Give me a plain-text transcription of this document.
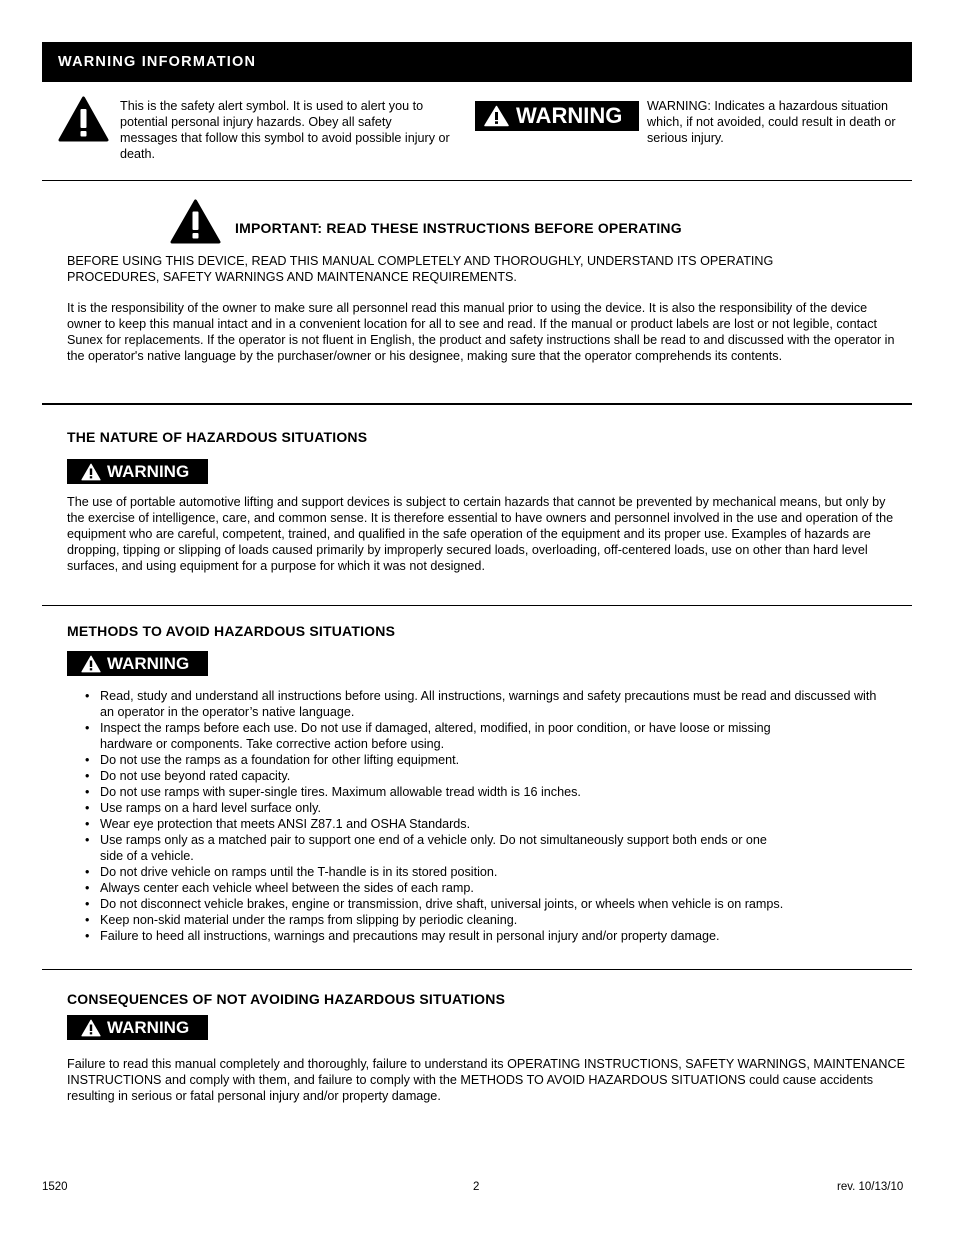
WARNING INFORMATION
This is the safety alert symbol. It is used to alert you to potential personal injury hazards. Obey all safety messages that follow this symbol to avoid possible injury or death.
WARNING WARNING: Indicates a hazardous situation which, if not avoided, could result in death or serious injury.
IMPORTANT: READ THESE INSTRUCTIONS BEFORE OPERATING
BEFORE USING THIS DEVICE, READ THIS MANUAL COMPLETELY AND THOROUGHLY, UNDERSTAND ITS OPERATING PROCEDURES, SAFETY WARNINGS AND MAINTENANCE REQUIREMENTS.
It is the responsibility of the owner to make sure all personnel read this manual prior to using the device. It is also the responsibility of the device owner to keep this manual intact and in a convenient location for all to see and read. If the manual or product labels are lost or not legible, contact Sunex for replacements. If the operator is not fluent in English, the product and safety instructions shall be read to and discussed with the operator in the operator's native language by the purchaser/owner or his designee, making sure that the operator comprehends its contents.
THE NATURE OF HAZARDOUS SITUATIONS
WARNING
The use of portable automotive lifting and support devices is subject to certain hazards that cannot be prevented by mechanical means, but only by the exercise of intelligence, care, and common sense. It is therefore essential to have owners and personnel involved in the use and operation of the equipment who are careful, competent, trained, and qualified in the safe operation of the equipment and its proper use. Examples of hazards are dropping, tipping or slipping of loads caused primarily by improperly secured loads, overloading, off-centered loads, use on other than hard level surfaces, and using equipment for a purpose for which it was not designed.
METHODS TO AVOID HAZARDOUS SITUATIONS
WARNING
• Read, study and understand all instructions before using. All instructions, warnings and safety precautions must be read and discussed with an operator in the operator’s native language.
• Inspect the ramps before each use. Do not use if damaged, altered, modified, in poor condition, or have loose or missing hardware or components. Take corrective action before using.
• Do not use the ramps as a foundation for other lifting equipment.
• Do not use beyond rated capacity.
• Do not use ramps with super-single tires. Maximum allowable tread width is 16 inches.
• Use ramps on a hard level surface only.
• Wear eye protection that meets ANSI Z87.1 and OSHA Standards.
• Use ramps only as a matched pair to support one end of a vehicle only. Do not simultaneously support both ends or one side of a vehicle.
• Do not drive vehicle on ramps until the T-handle is in its stored position.
• Always center each vehicle wheel between the sides of each ramp.
• Do not disconnect vehicle brakes, engine or transmission, drive shaft, universal joints, or wheels when vehicle is on ramps.
• Keep non-skid material under the ramps from slipping by periodic cleaning.
• Failure to heed all instructions, warnings and precautions may result in personal injury and/or property damage.
CONSEQUENCES OF NOT AVOIDING HAZARDOUS SITUATIONS
WARNING
Failure to read this manual completely and thoroughly, failure to understand its OPERATING INSTRUCTIONS, SAFETY WARNINGS, MAINTENANCE INSTRUCTIONS and comply with them, and failure to comply with the METHODS TO AVOID HAZARDOUS SITUATIONS could cause accidents resulting in serious or fatal personal injury and/or property damage.
1520	2	rev. 10/13/10
